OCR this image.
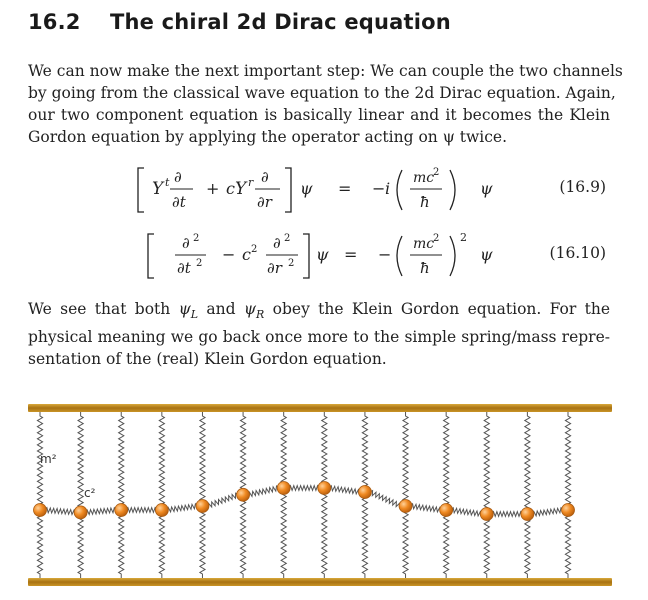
16.2 The chiral 2d Dirac equation

We can now make the next important step: We can couple the two channels
by going from the classical wave equation to the 2d Dirac equation. Again,
our two component equation is basically linear and it becomes the Klein
Gordon equation by applying the operator acting on ψ twice.

Υ t ∂
∂t
+ c Υ r ∂
∂r
ψ = − i
mc
2
ħ
ψ	(16.9)
∂ 2
∂t 2 − c 2 ∂ 2
∂r 2 ψ = −
mc
2
ħ
2
ψ	(16.10)

We see that both $\psi_L$ and $\psi_R$ obey the Klein Gordon equation. For the
physical meaning we go back once more to the simple spring/mass repre-
sentation of the (real) Klein Gordon equation.

m²
c²
